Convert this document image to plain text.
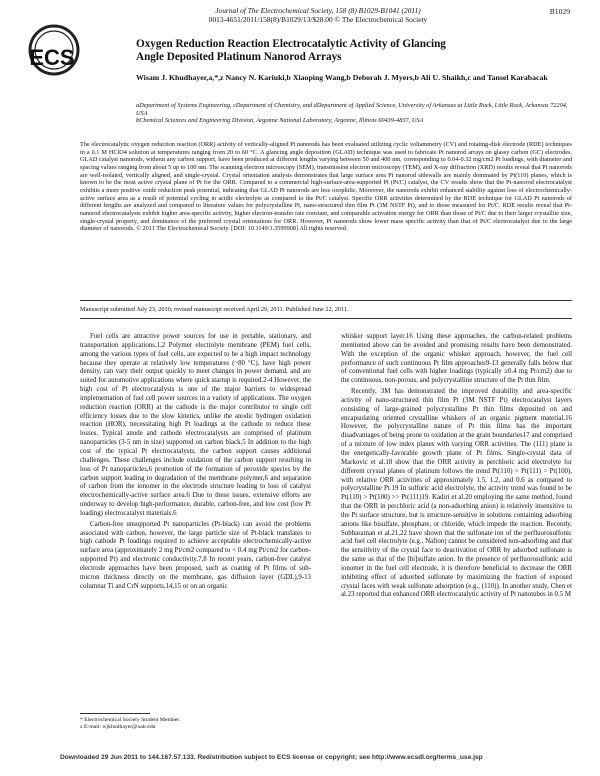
ECS
Journal of The Electrochemical Society, 158 (8) B1029-B1041 (2011)
0013-4651/2011/158(8)/B1029/13/$28.00 © The Electrochemical Society
B1029
Oxygen Reduction Reaction Electrocatalytic Activity of Glancing Angle Deposited Platinum Nanorod Arrays
Wisam J. Khudhayer,a,*,z Nancy N. Kariuki,b Xiaoping Wang,b Deborah J. Myers,b Ali U. Shaikh,c and Tansel Karabacak
aDepartment of Systems Engineering, cDepartment of Chemistry, and dDepartment of Applied Science, University of Arkansas at Little Rock, Little Rock, Arkansas 72204, USA
bChemical Sciences and Engineering Division, Argonne National Laboratory, Argonne, Illinois 60439-4837, USA
The electrocatalytic oxygen reduction reaction (ORR) activity of vertically-aligned Pt nanorods has been evaluated utilizing cyclic voltammetry (CV) and rotating-disk electrode (RDE) techniques in a 0.1 M HClO4 solution at temperatures ranging from 20 to 60 °C. A glancing angle deposition (GLAD) technique was used to fabricate Pt nanorod arrays on glassy carbon (GC) electrodes. GLAD catalyst nanorods, without any carbon support, have been produced at different lengths varying between 50 and 400 nm, corresponding to 0.04-0.32 mg/cm2 Pt loadings, with diameter and spacing values ranging from about 5 up to 100 nm. The scanning electron microscopy (SEM), transmission electron microscopy (TEM), and X-ray diffraction (XRD) results reveal that Pt nanorods are well-isolated, vertically aligned, and single-crystal. Crystal orientation analysis demonstrates that large surface area Pt nanorod sidewalls are mainly dominated by Pt(110) planes, which is known to be the most active crystal plane of Pt for the ORR. Compared to a commercial high-surface-area-supported Pt (Pt/C) catalyst, the CV results show that the Pt-nanorod electrocatalyst exhibits a more positive oxide reduction peak potential, indicating that GLAD Pt nanorods are less oxophilic. Moreover, the nanorods exhibit enhanced stability against loss of electrochemically-active surface area as a result of potential cycling in acidic electrolyte as compared to the Pt/C catalyst. Specific ORR activities determined by the RDE technique for GLAD Pt nanorods of different lengths are analyzed and compared to literature values for polycrystalline Pt, nano-structured thin film Pt (3M NSTF Pt), and to those measured for Pt/C. RDE results reveal that Pt-nanorod electrocatalysts exhibit higher area-specific activity, higher electron-transfer rate constant, and comparable activation energy for ORR than those of Pt/C due to their larger crystallite size, single-crystal property, and dominance of the preferred crystal orientations for ORR. However, Pt nanorods show lower mass specific activity than that of Pt/C electrocatalyst due to the large diameter of nanorods. © 2011 The Electrochemical Society. [DOI: 10.1149/1.3599908] All rights reserved.
Manuscript submitted July 23, 2010; revised manuscript received April 29, 2011. Published June 22, 2011.

Fuel cells are attractive power sources for use in portable, stationary, and transportation applications.1,2 Polymer electrolyte membrane (PEM) fuel cells, among the various types of fuel cells, are expected to be a high impact technology because they operate at relatively low temperatures (~80 °C), have high power density, can vary their output quickly to meet changes in power demand, and are suited for automotive applications where quick startup is required.2-4 However, the high cost of Pt electrocatalysts is one of the major barriers to widespread implementation of fuel cell power sources in a variety of applications. The oxygen reduction reaction (ORR) at the cathode is the major contributor to single cell efficiency losses due to the slow kinetics, unlike the anodic hydrogen oxidation reaction (HOR), necessitating high Pt loadings at the cathode to reduce these losses. Typical anode and cathode electrocatalysts are comprised of platinum nanoparticles (3-5 nm in size) supported on carbon black.5 In addition to the high cost of the typical Pt electrocatalysts, the carbon support causes additional challenges. These challenges include oxidation of the carbon support resulting in loss of Pt nanoparticles,6 promotion of the formation of peroxide species by the carbon support leading to degradation of the membrane polymer,6 and separation of carbon from the ionomer in the electrode structure leading to loss of catalyst electrochemically-active surface area.6 Due to these issues, extensive efforts are underway to develop high-performance, durable, carbon-free, and low cost (low Pt loading) electrocatalyst materials.6

Carbon-free unsupported Pt nanoparticles (Pt-black) can avoid the problems associated with carbon, however, the large particle size of Pt-black translates to high cathode Pt loadings required to achieve acceptable electrochemically-active surface area (approximately 2 mg Pt/cm2 compared to < 0.4 mg Pt/cm2 for carbon-supported Pt) and electronic conductivity.7,8 In recent years, carbon-free catalyst electrode approaches have been proposed, such as coating of Pt films of sub-micron thickness directly on the membrane, gas diffusion layer (GDL),9-13 columnar Ti and CrN supports,14,15 or on an organic

whisker support layer.16 Using these approaches, the carbon-related problems mentioned above can be avoided and promising results have been demonstrated. With the exception of the organic whisker approach, however, the fuel cell performance of such continuous Pt film approaches9-13 generally falls below that of conventional fuel cells with higher loadings (typically ≥0.4 mg Pt/cm2) due to the continuous, non-porous, and polycrystalline structure of the Pt thin film.

Recently, 3M has demonstrated the improved durability and area-specific activity of nano-structured thin film Pt (3M NSTF Pt) electrocatalyst layers consisting of large-grained polycrystalline Pt thin films deposited on and encapsulating oriented crystalline whiskers of an organic pigment material.16 However, the polycrystalline nature of Pt thin films has the important disadvantages of being prone to oxidation at the grain boundaries17 and comprised of a mixture of low index planes with varying ORR activities. The (111) plane is the energetically-favorable growth plane of Pt films. Single-crystal data of Markovic et al.18 show that the ORR activity in perchloric acid electrolyte for different crystal planes of platinum follows the trend Pt(110) > Pt(111) > Pt(100), with relative ORR activities of approximately 1.5, 1.2, and 0.6 as compared to polycrystalline Pt.19 In sulfuric acid electrolyte, the activity trend was found to be Pt(110) > Pt(100) >> Pt(111)19. Kadiri et al.20 employing the same method, found that the ORR in perchloric acid (a non-adsorbing anion) is relatively insensitive to the Pt surface structure, but is structure-sensitive in solutions containing adsorbing anions like bisulfate, phosphate, or chloride, which impede the reaction. Recently, Subbaraman et al.21,22 have shown that the sulfonate ion of the perfluorosulfonic acid fuel cell electrolyte (e.g., Nafion) cannot be considered non-adsorbing and that the sensitivity of the crystal face to deactivation of ORR by adsorbed sulfonate is the same as that of the [bi]sulfate anion. In the presence of perfluorosulfonic acid ionomer in the fuel cell electrode, it is therefore beneficial to decrease the ORR inhibiting effect of adsorbed sulfonate by maximizing the fraction of exposed crystal faces with weak sulfonate adsorption (e.g., (110)). In another study, Chen et al.23 reported that enhanced ORR electrocatalytic activity of Pt nanotubes in 0.5 M

* Electrochemical Society Student Member.
z E-mail: wjkhudhayer@ualr.edu
Downloaded 29 Jun 2011 to 144.167.57.133. Redistribution subject to ECS license or copyright; see http://www.ecsdl.org/terms_use.jsp
